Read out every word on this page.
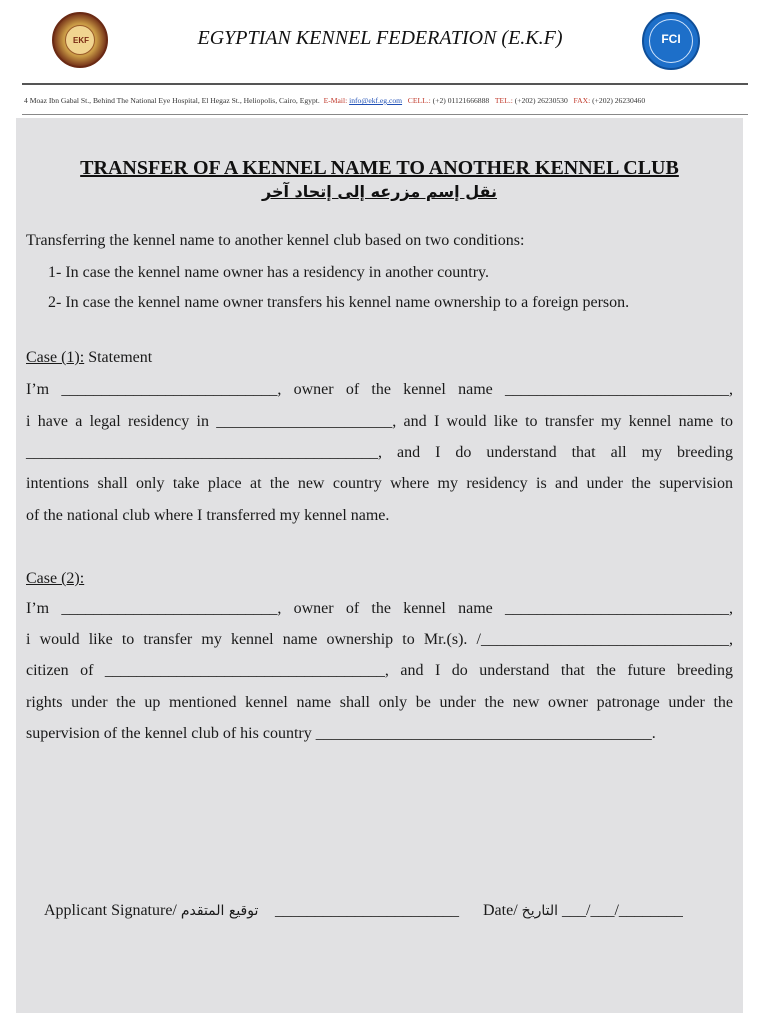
EKF	EGYPTIAN KENNEL FEDERATION (E.K.F)	FCI
4 Moaz Ibn Gabal St., Behind The National Eye Hospital, El Hegaz St., Heliopolis, Cairo, Egypt. E-Mail: info@ekf.eg.com CELL.: (+2) 01121666888 TEL.: (+202) 26230530 FAX: (+202) 26230460
TRANSFER OF A KENNEL NAME TO ANOTHER KENNEL CLUB
نقل إسم مزرعه إلى إتحاد آخر
Transferring the kennel name to another kennel club based on two conditions:
1- In case the kennel name owner has a residency in another country.
2- In case the kennel name owner transfers his kennel name ownership to a foreign person.
Case (1): Statement
I’m ___________________________, owner of the kennel name ____________________________,
i have a legal residency in ______________________, and I would like to transfer my kennel name to
____________________________________________, and I do understand that all my breeding
intentions shall only take place at the new country where my residency is and under the supervision
of the national club where I transferred my kennel name.
Case (2):
I’m ___________________________, owner of the kennel name ____________________________,
i would like to transfer my kennel name ownership to Mr.(s). /_______________________________,
citizen of ___________________________________, and I do understand that the future breeding
rights under the up mentioned kennel name shall only be under the new owner patronage under the
supervision of the kennel club of his country __________________________________________.
Applicant Signature/ توقيع المتقدم _______________________ Date/ التاريخ ___/___/________
